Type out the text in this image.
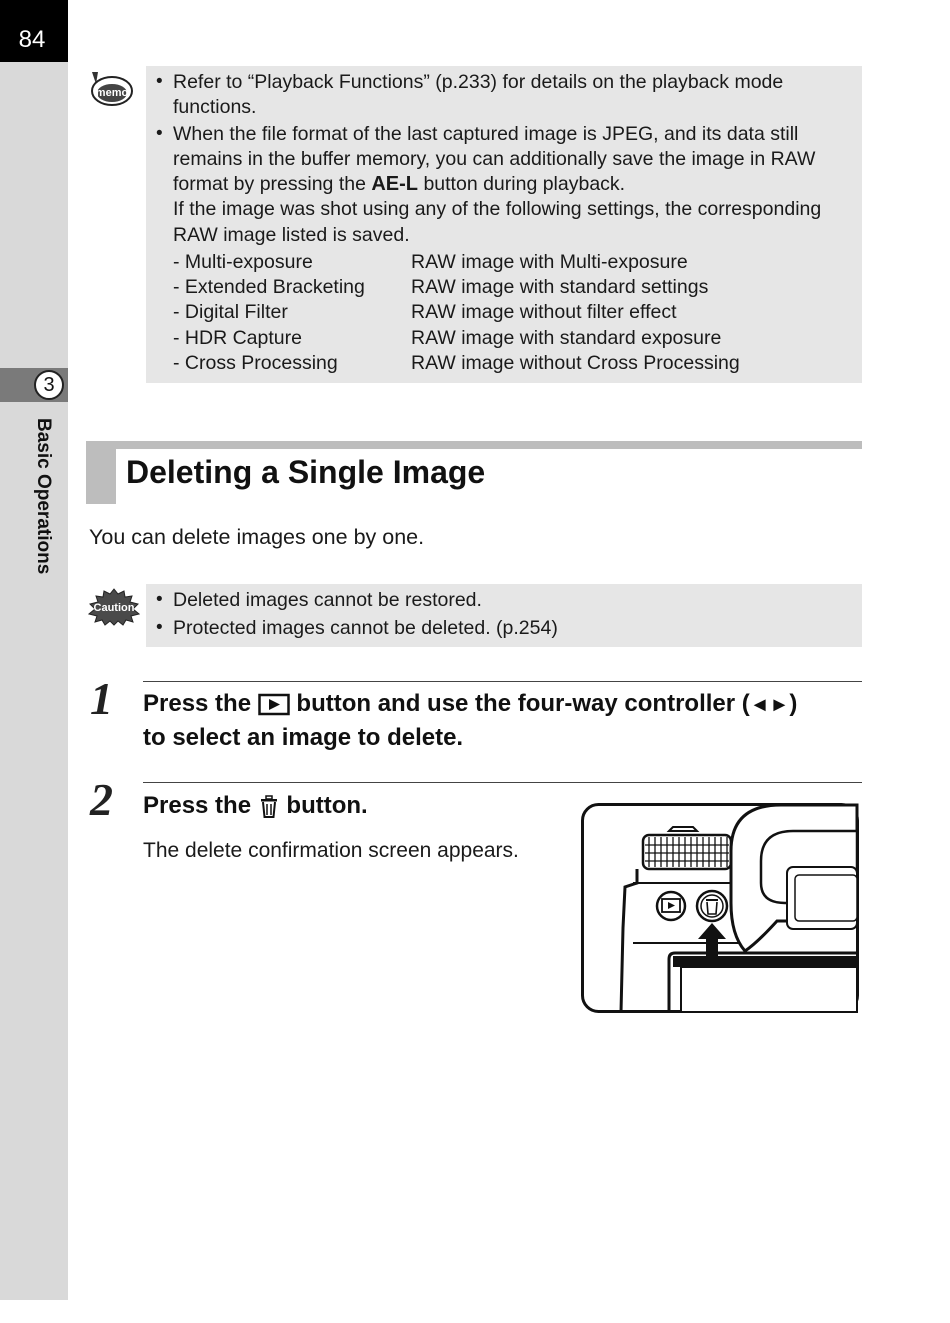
84
3
Basic Operations
memo
• Refer to “Playback Functions” (p.233) for details on the playback mode
functions.
• When the file format of the last captured image is JPEG, and its data still
remains in the buffer memory, you can additionally save the image in RAW
format by pressing the AE-L button during playback.
If the image was shot using any of the following settings, the corresponding
RAW image listed is saved.
- Multi-exposure	RAW image with Multi-exposure
- Extended Bracketing RAW image with standard settings
- Digital Filter	RAW image without filter effect
- HDR Capture	RAW image with standard exposure
- Cross Processing	RAW image without Cross Processing
Deleting a Single Image
You can delete images one by one.
Caution • Deleted images cannot be restored.
• Protected images cannot be deleted. (p.254)
1 Press the button and use the four-way controller (◄►)
to select an image to delete.
2 Press the button.
The delete confirmation screen appears.
